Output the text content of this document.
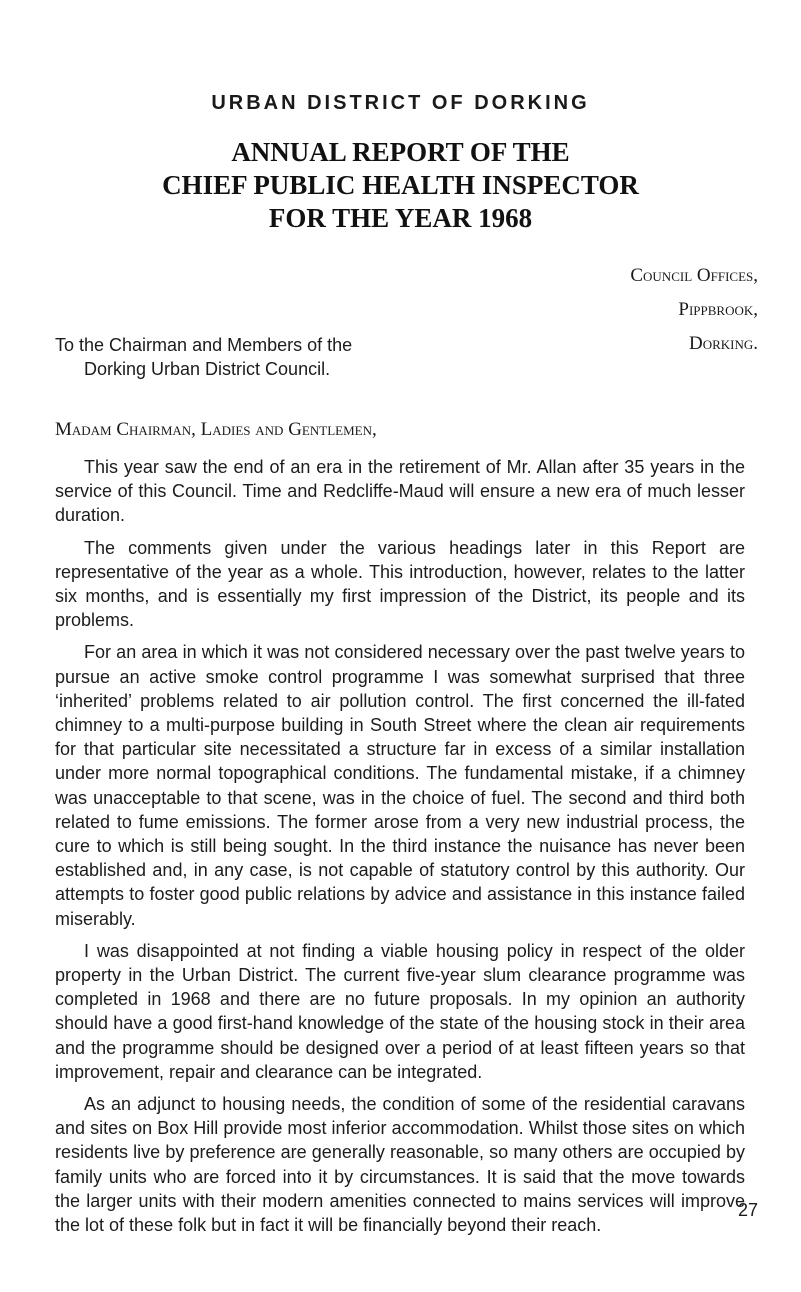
URBAN DISTRICT OF DORKING
ANNUAL REPORT OF THE
CHIEF PUBLIC HEALTH INSPECTOR
FOR THE YEAR 1968
Council Offices,
Pippbrook,
Dorking.
To the Chairman and Members of the
Dorking Urban District Council.
Madam Chairman, Ladies and Gentlemen,

This year saw the end of an era in the retirement of Mr. Allan after 35 years in the service of this Council. Time and Redcliffe-Maud will ensure a new era of much lesser duration.

The comments given under the various headings later in this Report are representative of the year as a whole. This introduction, however, relates to the latter six months, and is essentially my first impression of the District, its people and its problems.

For an area in which it was not considered necessary over the past twelve years to pursue an active smoke control programme I was somewhat surprised that three ‘inherited’ problems related to air pollution control. The first concerned the ill-fated chimney to a multi-purpose building in South Street where the clean air requirements for that particular site necessitated a structure far in excess of a similar installation under more normal topographical conditions. The fundamental mistake, if a chimney was unacceptable to that scene, was in the choice of fuel. The second and third both related to fume emissions. The former arose from a very new industrial process, the cure to which is still being sought. In the third instance the nuisance has never been established and, in any case, is not capable of statutory control by this authority. Our attempts to foster good public relations by advice and assistance in this instance failed miserably.

I was disappointed at not finding a viable housing policy in respect of the older property in the Urban District. The current five-year slum clearance programme was completed in 1968 and there are no future proposals. In my opinion an authority should have a good first-hand knowledge of the state of the housing stock in their area and the programme should be designed over a period of at least fifteen years so that improvement, repair and clearance can be integrated.

As an adjunct to housing needs, the condition of some of the residential caravans and sites on Box Hill provide most inferior accommodation. Whilst those sites on which residents live by preference are generally reasonable, so many others are occupied by family units who are forced into it by circumstances. It is said that the move towards the larger units with their modern amenities connected to mains services will improve the lot of these folk but in fact it will be financially beyond their reach.

27
